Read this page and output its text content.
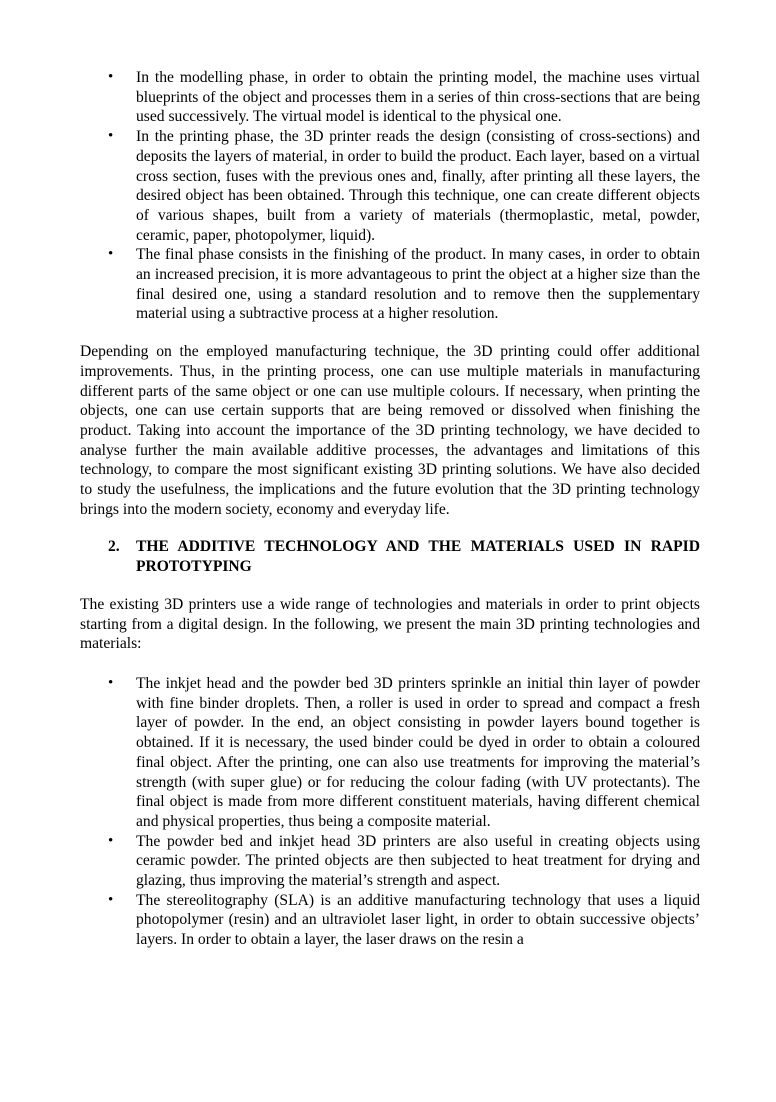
• In the modelling phase, in order to obtain the printing model, the machine uses virtual blueprints of the object and processes them in a series of thin cross-sections that are being used successively. The virtual model is identical to the physical one.
• In the printing phase, the 3D printer reads the design (consisting of cross-sections) and deposits the layers of material, in order to build the product. Each layer, based on a virtual cross section, fuses with the previous ones and, finally, after printing all these layers, the desired object has been obtained. Through this technique, one can create different objects of various shapes, built from a variety of materials (thermoplastic, metal, powder, ceramic, paper, photopolymer, liquid).
• The final phase consists in the finishing of the product. In many cases, in order to obtain an increased precision, it is more advantageous to print the object at a higher size than the final desired one, using a standard resolution and to remove then the supplementary material using a subtractive process at a higher resolution.

Depending on the employed manufacturing technique, the 3D printing could offer additional improvements. Thus, in the printing process, one can use multiple materials in manufacturing different parts of the same object or one can use multiple colours. If necessary, when printing the objects, one can use certain supports that are being removed or dissolved when finishing the product. Taking into account the importance of the 3D printing technology, we have decided to analyse further the main available additive processes, the advantages and limitations of this technology, to compare the most significant existing 3D printing solutions. We have also decided to study the usefulness, the implications and the future evolution that the 3D printing technology brings into the modern society, economy and everyday life.

2.	THE ADDITIVE TECHNOLOGY AND THE MATERIALS USED IN RAPID PROTOTYPING

The existing 3D printers use a wide range of technologies and materials in order to print objects starting from a digital design. In the following, we present the main 3D printing technologies and materials:

• The inkjet head and the powder bed 3D printers sprinkle an initial thin layer of powder with fine binder droplets. Then, a roller is used in order to spread and compact a fresh layer of powder. In the end, an object consisting in powder layers bound together is obtained. If it is necessary, the used binder could be dyed in order to obtain a coloured final object. After the printing, one can also use treatments for improving the material’s strength (with super glue) or for reducing the colour fading (with UV protectants). The final object is made from more different constituent materials, having different chemical and physical properties, thus being a composite material.
• The powder bed and inkjet head 3D printers are also useful in creating objects using ceramic powder. The printed objects are then subjected to heat treatment for drying and glazing, thus improving the material’s strength and aspect.
• The stereolitography (SLA) is an additive manufacturing technology that uses a liquid photopolymer (resin) and an ultraviolet laser light, in order to obtain successive objects’ layers. In order to obtain a layer, the laser draws on the resin a
